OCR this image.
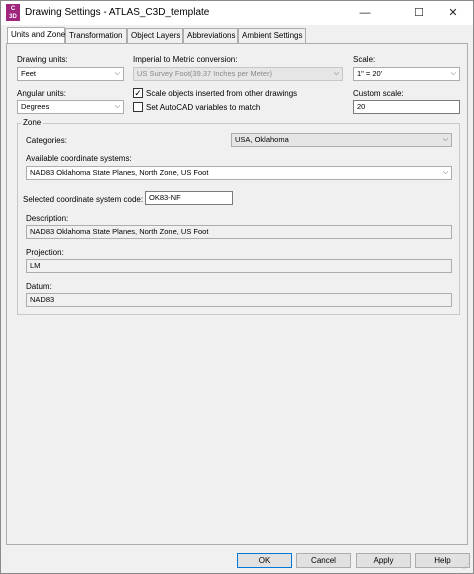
C
3D Drawing Settings - ATLAS_C3D_template	—	☐	✕
Units and Zone Transformation	Object Layers Abbreviations Ambient Settings
Drawing units:
Feet	⌵
Imperial to Metric conversion:
US Survey Foot(39.37 Inches per Meter)	⌵
Scale:
1" = 20'	⌵
Angular units:
Degrees	⌵
✓ Scale objects inserted from other drawings
Set AutoCAD variables to match
Custom scale:
20
Zone
Categories:	USA, Oklahoma	⌵
Available coordinate systems:
NAD83 Oklahoma State Planes, North Zone, US Foot	⌵
Selected coordinate system code: OK83-NF
Description:
NAD83 Oklahoma State Planes, North Zone, US Foot
Projection:
LM
Datum:
NAD83
OK	Cancel	Apply	Help
⋰
